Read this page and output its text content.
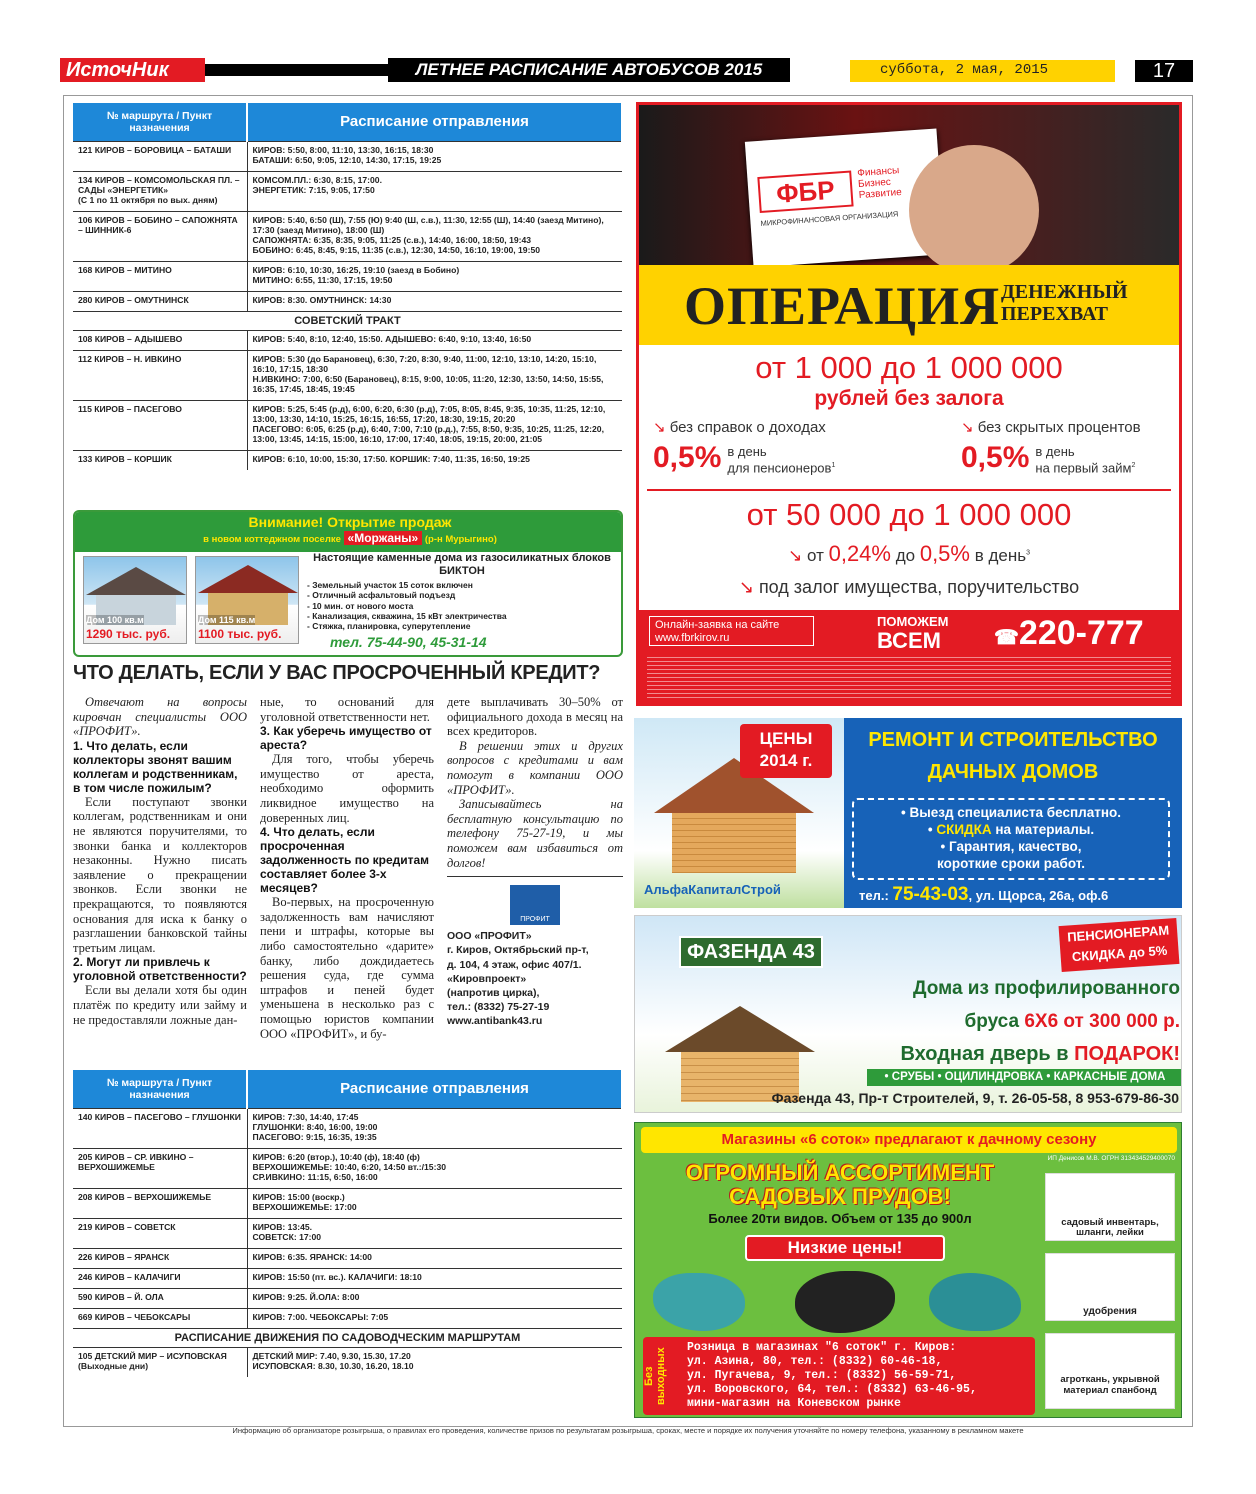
ИсточНик	ЛЕТНЕЕ РАСПИСАНИЕ АВТОБУСОВ 2015	суббота, 2 мая, 2015	17
№ маршрута / Пункт назначения	Расписание отправления
121 КИРОВ – БОРОВИЦА – БАТАШИ	КИРОВ: 5:50, 8:00, 11:10, 13:30, 16:15, 18:30
БАТАШИ: 6:50, 9:05, 12:10, 14:30, 17:15, 19:25
134 КИРОВ – КОМСОМОЛЬСКАЯ ПЛ. – САДЫ «ЭНЕРГЕТИК»
(С 1 по 11 октября по вых. дням)	КОМСОМ.ПЛ.: 6:30, 8:15, 17:00.
ЭНЕРГЕТИК: 7:15, 9:05, 17:50
106 КИРОВ – БОБИНО – САПОЖНЯТА – ШИННИК-6	КИРОВ: 5:40, 6:50 (Ш), 7:55 (Ю) 9:40 (Ш, с.в.), 11:30, 12:55 (Ш), 14:40 (заезд Митино), 17:30 (заезд Митино), 18:00 (Ш)
САПОЖНЯТА: 6:35, 8:35, 9:05, 11:25 (с.в.), 14:40, 16:00, 18:50, 19:43
БОБИНО: 6:45, 8:45, 9:15, 11:35 (с.в.), 12:30, 14:50, 16:10, 19:00, 19:50
168 КИРОВ – МИТИНО	КИРОВ: 6:10, 10:30, 16:25, 19:10 (заезд в Бобино)
МИТИНО: 6:55, 11:30, 17:15, 19:50
280 КИРОВ – ОМУТНИНСК	КИРОВ: 8:30. ОМУТНИНСК: 14:30
СОВЕТСКИЙ ТРАКТ	
108 КИРОВ – АДЫШЕВО	КИРОВ: 5:40, 8:10, 12:40, 15:50. АДЫШЕВО: 6:40, 9:10, 13:40, 16:50
112 КИРОВ – Н. ИВКИНО	КИРОВ: 5:30 (до Барановец), 6:30, 7:20, 8:30, 9:40, 11:00, 12:10, 13:10, 14:20, 15:10, 16:10, 17:15, 18:30
Н.ИВКИНО: 7:00, 6:50 (Барановец), 8:15, 9:00, 10:05, 11:20, 12:30, 13:50, 14:50, 15:55, 16:35, 17:45, 18:45, 19:45
115 КИРОВ – ПАСЕГОВО	КИРОВ: 5:25, 5:45 (р.д), 6:00, 6:20, 6:30 (р.д), 7:05, 8:05, 8:45, 9:35, 10:35, 11:25, 12:10, 13:00, 13:30, 14:10, 15:25, 16:15, 16:55, 17:20, 18:30, 19:15, 20:20
ПАСЕГОВО: 6:05, 6:25 (р.д), 6:40, 7:00, 7:10 (р.д.), 7:55, 8:50, 9:35, 10:25, 11:25, 12:20, 13:00, 13:45, 14:15, 15:00, 16:10, 17:00, 17:40, 18:05, 19:15, 20:00, 21:05
133 КИРОВ – КОРШИК	КИРОВ: 6:10, 10:00, 15:30, 17:50. КОРШИК: 7:40, 11:35, 16:50, 19:25
Внимание! Открытие продаж
в новом коттеджном поселке «Моржаны» (р-н Мурыгино)
Дом 100 кв.м
1290 тыс. руб.
Дом 115 кв.м
1100 тыс. руб.
Настоящие каменные дома из газосиликатных блоков БИКТОН
- Земельный участок 15 соток включен
- Отличный асфальтовый подъезд
- 10 мин. от нового моста
- Канализация, скважина, 15 кВт электричества
- Стяжка, планировка, суперутепление
тел. 75-44-90, 45-31-14
ЧТО ДЕЛАТЬ, ЕСЛИ У ВАС ПРОСРОЧЕННЫЙ КРЕДИТ?

Отвечают на вопросы кировчан специалисты ООО «ПРОФИТ».

1. Что делать, если коллекторы звонят вашим коллегам и родственникам, в том числе пожилым?

Если поступают звонки коллегам, родственникам и они не являются поручителями, то звонки банка и коллекторов незаконны. Нужно писать заявление о прекращении звонков. Если звонки не прекращаются, то появляются основания для иска к банку о разглашении банковской тайны третьим лицам.

2. Могут ли привлечь к уголовной ответственности?

Если вы делали хотя бы один платёж по кредиту или займу и не предоставляли ложные дан-

ные, то оснований для уголовной ответственности нет.

3. Как уберечь имущество от ареста?

Для того, чтобы уберечь имущество от ареста, необходимо оформить ликвидное имущество на доверенных лиц.

4. Что делать, если просроченная задолженность по кредитам составляет более 3-х месяцев?

Во-первых, на просроченную задолженность вам начисляют пени и штрафы, которые вы либо самостоятельно «дарите» банку, либо дождидаетесь решения суда, где сумма штрафов и пеней будет уменьшена в несколько раз с помощью юристов компании ООО «ПРОФИТ», и бу-

дете выплачивать 30–50% от официального дохода в месяц на всех кредиторов.

В решении этих и других вопросов с кредитами и вам помогут в компании ООО «ПРОФИТ».

Записывайтесь на бесплатную консультацию по телефону 75-27-19, и мы поможем вам избавиться от долгов!

ПРОФИТ
ООО «ПРОФИТ»
г. Киров, Октябрьский пр-т,
д. 104, 4 этаж, офис 407/1.
«Кировпроект»
(напротив цирка),
тел.: (8332) 75-27-19
www.antibank43.ru
№ маршрута / Пункт назначения	Расписание отправления
140 КИРОВ – ПАСЕГОВО – ГЛУШОНКИ	КИРОВ: 7:30, 14:40, 17:45
ГЛУШОНКИ: 8:40, 16:00, 19:00
ПАСЕГОВО: 9:15, 16:35, 19:35
205 КИРОВ – СР. ИВКИНО – ВЕРХОШИЖЕМЬЕ	КИРОВ: 6:20 (втор.), 10:40 (ф), 18:40 (ф)
ВЕРХОШИЖЕМЬЕ: 10:40, 6:20, 14:50 вт.:/15:30
СР.ИВКИНО: 11:15, 6:50, 16:00
208 КИРОВ – ВЕРХОШИЖЕМЬЕ	КИРОВ: 15:00 (воскр.)
ВЕРХОШИЖЕМЬЕ: 17:00
219 КИРОВ – СОВЕТСК	КИРОВ: 13:45.
СОВЕТСК: 17:00
226 КИРОВ – ЯРАНСК	КИРОВ: 6:35. ЯРАНСК: 14:00
246 КИРОВ – КАЛАЧИГИ	КИРОВ: 15:50 (пт. вс.). КАЛАЧИГИ: 18:10
590 КИРОВ – Й. ОЛА	КИРОВ: 9:25. Й.ОЛА: 8:00
669 КИРОВ – ЧЕБОКСАРЫ	КИРОВ: 7:00. ЧЕБОКСАРЫ: 7:05
РАСПИСАНИЕ ДВИЖЕНИЯ ПО САДОВОДЧЕСКИМ МАРШРУТАМ	
105 ДЕТСКИЙ МИР – ИСУПОВСКАЯ
(Выходные дни)	ДЕТСКИЙ МИР: 7.40, 9.30, 15.30, 17.20
ИСУПОВСКАЯ: 8.30, 10.30, 16.20, 18.10
ФБР
Финансы
Бизнес
Развитие
МИКРОФИНАНСОВАЯ ОРГАНИЗАЦИЯ
ОПЕРАЦИЯ ДЕНЕЖНЫЙ
ПЕРЕХВАТ
от 1 000 до 1 000 000
рублей без залога
↘ без справок о доходах	↘ без скрытых процентов
0,5% в день
для пенсионеров$^1$	0,5% в день
на первый займ$^2$
от 50 000 до 1 000 000
↘ от 0,24% до 0,5% в день$^3$
↘ под залог имущества, поручительство
Онлайн-заявка на сайте
www.fbrkirov.ru
ПОМОЖЕМ
ВСЕМ	☎220-777
АльфаКапиталСтрой
ЦЕНЫ
2014 г.
РЕМОНТ И СТРОИТЕЛЬСТВО
ДАЧНЫХ ДОМОВ
• Выезд специалиста бесплатно.
• СКИДКА на материалы.
• Гарантия, качество,
короткие сроки работ.
тел.: 75-43-03, ул. Щорса, 26а, оф.6
ФАЗЕНДА 43
ПЕНСИОНЕРАМ
СКИДКА до 5%
Дома из профилированного
бруса 6Х6 от 300 000 р.
Входная дверь в ПОДАРОК!
• СРУБЫ • ОЦИЛИНДРОВКА • КАРКАСНЫЕ ДОМА
Фазенда 43, Пр-т Строителей, 9, т. 26-05-58, 8 953-679-86-30
Магазины «6 соток» предлагают к дачному сезону
ИП Денисов М.В. ОГРН 313434529400070
ОГРОМНЫЙ АССОРТИМЕНТ
САДОВЫХ ПРУДОВ!
Более 20ти видов. Объем от 135 до 900л
Низкие цены!
садовый инвентарь, шланги, лейки
удобрения
агроткань, укрывной материал спанбонд
Без выходных	Розница в магазинах "6 соток" г. Киров:
ул. Азина, 80, тел.: (8332) 60-46-18,
ул. Пугачева, 9, тел.: (8332) 56-59-71,
ул. Воровского, 64, тел.: (8332) 63-46-95,
мини-магазин на Коневском рынке
Информацию об организаторе розыгрыша, о правилах его проведения, количестве призов по результатам розыгрыша, сроках, месте и порядке их получения уточняйте по номеру телефона, указанному в рекламном макете
